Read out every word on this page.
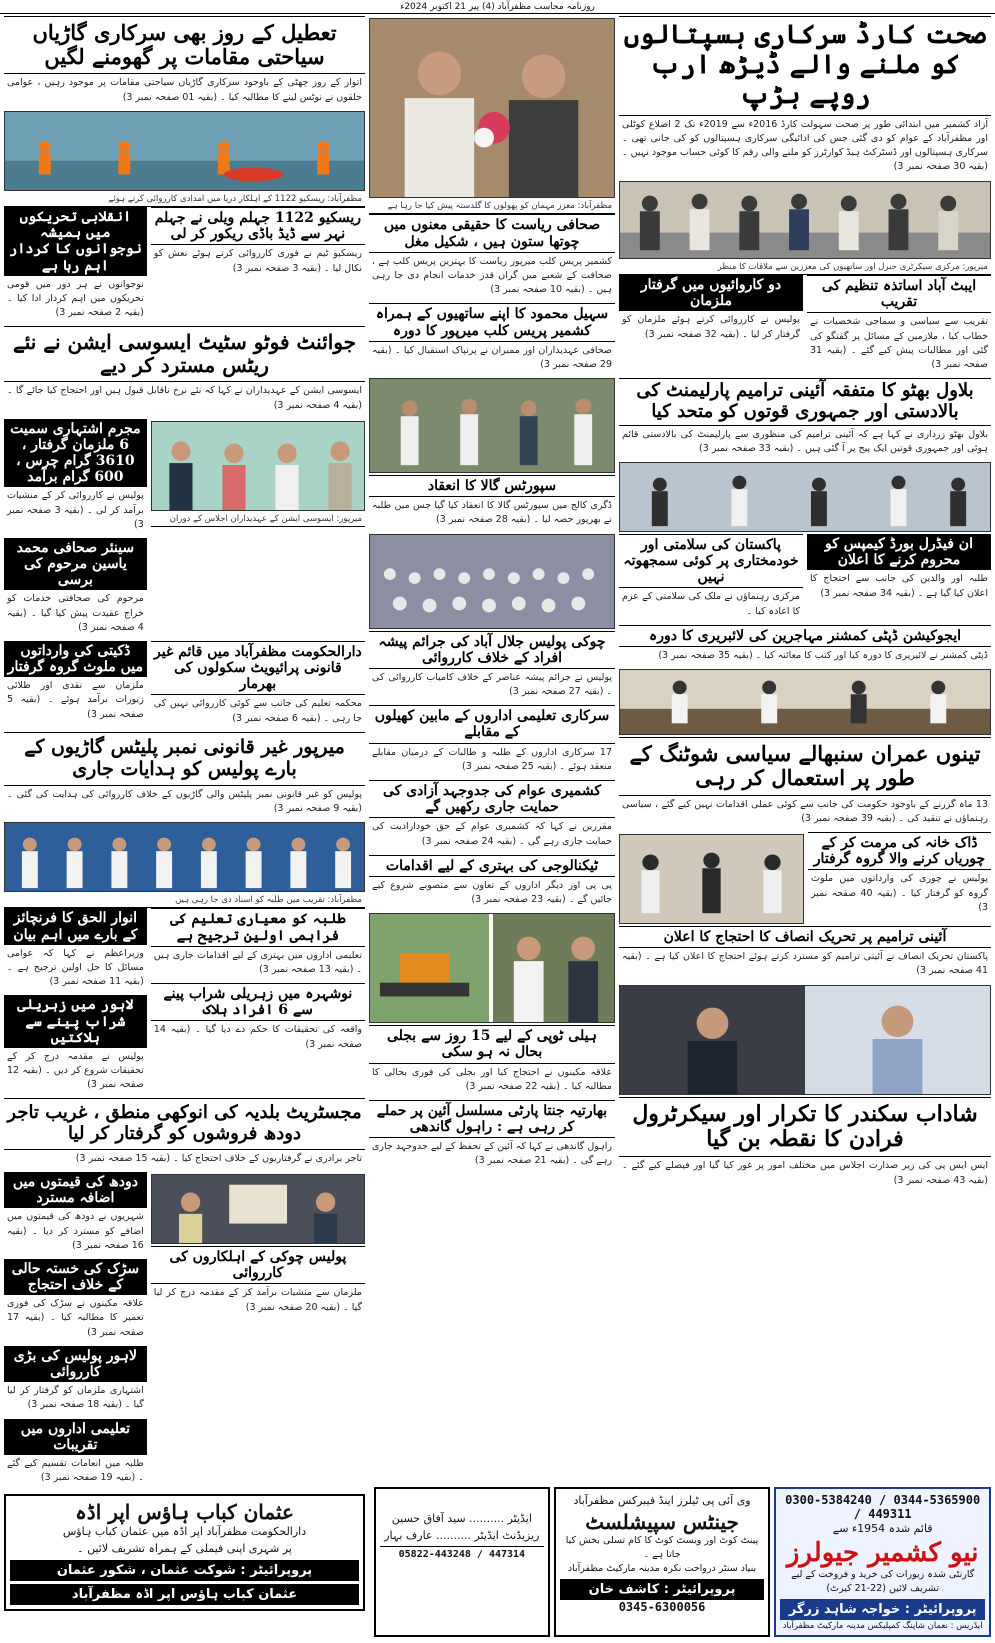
روزنامہ محاسب مظفرآباد (4) پیر 21 اکتوبر 2024ء
صحت کارڈ سرکاری ہسپتالوں کو ملنے والے ڈیڑھ ارب روپے ہڑپ
آزاد کشمیر میں ابتدائی طور پر صحت سہولت کارڈ 2016ء سے 2019ء تک 2 اضلاع کوٹلی اور مظفرآباد کے عوام کو دی گئی جس کی ادائیگی سرکاری ہسپتالوں کو کی جانی تھی ۔ سرکاری ہسپتالوں اور ڈسٹرکٹ ہیڈ کوارٹرز کو ملنے والی رقم کا کوئی حساب موجود نہیں ۔ (بقیہ 30 صفحہ نمبر 3)
میرپور: مرکزی سیکرٹری جنرل اور ساتھیوں کی معززین سے ملاقات کا منظر
ایبٹ آباد اساتذہ تنظیم کی تقریب
تقریب سے سیاسی و سماجی شخصیات نے خطاب کیا ، ملازمین کے مسائل پر گفتگو کی گئی اور مطالبات پیش کیے گئے ۔ (بقیہ 31 صفحہ نمبر 3)
دو کاروائیوں میں گرفتار ملزمان
پولیس نے کارروائی کرتے ہوئے ملزمان کو گرفتار کر لیا ۔ (بقیہ 32 صفحہ نمبر 3)
بلاول بھٹو کا متفقہ آئینی ترامیم پارلیمنٹ کی بالادستی اور جمہوری قوتوں کو متحد کیا
بلاول بھٹو زرداری نے کہا ہے کہ آئینی ترامیم کی منظوری سے پارلیمنٹ کی بالادستی قائم ہوئی اور جمہوری قوتیں ایک پیج پر آ گئی ہیں ۔ (بقیہ 33 صفحہ نمبر 3)
ان فیڈرل بورڈ کیمپس کو محروم کرنے کا اعلان
طلبہ اور والدین کی جانب سے احتجاج کا اعلان کیا گیا ہے ۔ (بقیہ 34 صفحہ نمبر 3)
پاکستان کی سلامتی اور خودمختاری پر کوئی سمجھوتہ نہیں
مرکزی رہنماؤں نے ملک کی سلامتی کے عزم کا اعادہ کیا ۔
ایجوکیشن ڈپٹی کمشنر مہاجرین کی لائبریری کا دورہ
ڈپٹی کمشنر نے لائبریری کا دورہ کیا اور کتب کا معائنہ کیا ۔ (بقیہ 35 صفحہ نمبر 3)
تینوں عمران سنبھالے سیاسی شوٹنگ کے طور پر استعمال کر رہی
13 ماہ گزرنے کے باوجود حکومت کی جانب سے کوئی عملی اقدامات نہیں کیے گئے ، سیاسی رہنماؤں نے تنقید کی ۔ (بقیہ 39 صفحہ نمبر 3)
ڈاک خانہ کی مرمت کر کے چوریاں کرنے والا گروہ گرفتار
پولیس نے چوری کی وارداتوں میں ملوث گروہ کو گرفتار کیا ۔ (بقیہ 40 صفحہ نمبر 3)
آئینی ترامیم پر تحریک انصاف کا احتجاج کا اعلان
پاکستان تحریک انصاف نے آئینی ترامیم کو مسترد کرتے ہوئے احتجاج کا اعلان کیا ہے ۔ (بقیہ 41 صفحہ نمبر 3)
شاداب سکندر کا تکرار اور سیکرٹرول فرادن کا نقطہ بن گیا
ایس ایس پی کی زیر صدارت اجلاس میں مختلف امور پر غور کیا گیا اور فیصلے کیے گئے ۔ (بقیہ 43 صفحہ نمبر 3)
مظفرآباد: معزز مہمان کو پھولوں کا گلدستہ پیش کیا جا رہا ہے
صحافی ریاست کا حقیقی معنوں میں چوتھا ستون ہیں ، شکیل مغل
کشمیر پریس کلب میرپور ریاست کا بہترین پریس کلب ہے ، صحافت کے شعبے میں گراں قدر خدمات انجام دی جا رہی ہیں ۔ (بقیہ 10 صفحہ نمبر 3)
سہیل محمود کا اپنے ساتھیوں کے ہمراہ کشمیر پریس کلب میرپور کا دورہ
صحافی عہدیداران اور ممبران نے پرتپاک استقبال کیا ۔ (بقیہ 29 صفحہ نمبر 3)
سپورٹس گالا کا انعقاد
ڈگری کالج میں سپورٹس گالا کا انعقاد کیا گیا جس میں طلبہ نے بھرپور حصہ لیا ۔ (بقیہ 28 صفحہ نمبر 3)
چوکی پولیس جلال آباد کی جرائم پیشہ افراد کے خلاف کارروائی
پولیس نے جرائم پیشہ عناصر کے خلاف کامیاب کارروائی کی ۔ (بقیہ 27 صفحہ نمبر 3)
سرکاری تعلیمی اداروں کے مابین کھیلوں کے مقابلے
17 سرکاری اداروں کے طلبہ و طالبات کے درمیان مقابلے منعقد ہوئے ۔ (بقیہ 25 صفحہ نمبر 3)
کشمیری عوام کی جدوجہد آزادی کی حمایت جاری رکھیں گے
مقررین نے کہا کہ کشمیری عوام کے حق خودارادیت کی حمایت جاری رہے گی ۔ (بقیہ 24 صفحہ نمبر 3)
ٹیکنالوجی کی بہتری کے لیے اقدامات
پی پی اور دیگر اداروں کے تعاون سے منصوبے شروع کیے جائیں گے ۔ (بقیہ 23 صفحہ نمبر 3)
ہیلی ٹوپی کے لیے 15 روز سے بجلی بحال نہ ہو سکی
علاقہ مکینوں نے احتجاج کیا اور بجلی کی فوری بحالی کا مطالبہ کیا ۔ (بقیہ 22 صفحہ نمبر 3)
بھارتیہ جنتا پارٹی مسلسل آئین پر حملے کر رہی ہے : راہول گاندھی
راہول گاندھی نے کہا کہ آئین کے تحفظ کے لیے جدوجہد جاری رہے گی ۔ (بقیہ 21 صفحہ نمبر 3)
تعطیل کے روز بھی سرکاری گاڑیاں سیاحتی مقامات پر گھومنے لگیں
اتوار کے روز چھٹی کے باوجود سرکاری گاڑیاں سیاحتی مقامات پر موجود رہیں ، عوامی حلقوں نے نوٹس لینے کا مطالبہ کیا ۔ (بقیہ 01 صفحہ نمبر 3)
مظفرآباد: ریسکیو 1122 کے اہلکار دریا میں امدادی کارروائی کرتے ہوئے
ریسکیو 1122 جہلم ویلی نے جہلم نہر سے ڈیڈ باڈی ریکور کر لی
ریسکیو ٹیم نے فوری کارروائی کرتے ہوئے نعش کو نکال لیا ۔ (بقیہ 3 صفحہ نمبر 3)
انقلابی تحریکوں میں ہمیشہ نوجوانوں کا کردار اہم رہا ہے
نوجوانوں نے ہر دور میں قومی تحریکوں میں اہم کردار ادا کیا ۔ (بقیہ 2 صفحہ نمبر 3)
جوائنٹ فوٹو سٹیٹ ایسوسی ایشن نے نئے ریٹس مسترد کر دیے
ایسوسی ایشن کے عہدیداران نے کہا کہ نئے نرخ ناقابل قبول ہیں اور احتجاج کیا جائے گا ۔ (بقیہ 4 صفحہ نمبر 3)
میرپور: ایسوسی ایشن کے عہدیداران اجلاس کے دوران
مجرم اشتہاری سمیت 6 ملزمان گرفتار ، 3610 گرام چرس ، 600 گرام برآمد
پولیس نے کارروائی کر کے منشیات برآمد کر لی ۔ (بقیہ 3 صفحہ نمبر 3)
سینئر صحافی محمد یاسین مرحوم کی برسی
مرحوم کی صحافتی خدمات کو خراج عقیدت پیش کیا گیا ۔ (بقیہ 4 صفحہ نمبر 3)
دارالحکومت مظفرآباد میں قائم غیر قانونی پرائیویٹ سکولوں کی بھرمار
محکمہ تعلیم کی جانب سے کوئی کارروائی نہیں کی جا رہی ۔ (بقیہ 6 صفحہ نمبر 3)
ڈکیتی کی وارداتوں میں ملوث گروہ گرفتار
ملزمان سے نقدی اور طلائی زیورات برآمد ہوئے ۔ (بقیہ 5 صفحہ نمبر 3)
میرپور غیر قانونی نمبر پلیٹس گاڑیوں کے بارے پولیس کو ہدایات جاری
پولیس کو غیر قانونی نمبر پلیٹس والی گاڑیوں کے خلاف کارروائی کی ہدایت کی گئی ۔ (بقیہ 9 صفحہ نمبر 3)
مظفرآباد: تقریب میں طلبہ کو اسناد دی جا رہی ہیں
طلبہ کو معیاری تعلیم کی فراہمی اولین ترجیح ہے
تعلیمی اداروں میں بہتری کے لیے اقدامات جاری ہیں ۔ (بقیہ 13 صفحہ نمبر 3)
نوشہرہ میں زہریلی شراب پینے سے 6 افراد ہلاک
واقعہ کی تحقیقات کا حکم دے دیا گیا ۔ (بقیہ 14 صفحہ نمبر 3)
انوار الحق کا فرنچائز کے بارے میں اہم بیان
وزیراعظم نے کہا کہ عوامی مسائل کا حل اولین ترجیح ہے ۔ (بقیہ 11 صفحہ نمبر 3)
لاہور میں زہریلی شراب پینے سے ہلاکتیں
پولیس نے مقدمہ درج کر کے تحقیقات شروع کر دیں ۔ (بقیہ 12 صفحہ نمبر 3)
مجسٹریٹ بلدیہ کی انوکھی منطق ، غریب تاجر دودھ فروشوں کو گرفتار کر لیا
تاجر برادری نے گرفتاریوں کے خلاف احتجاج کیا ۔ (بقیہ 15 صفحہ نمبر 3)
پولیس چوکی کے اہلکاروں کی کارروائی
ملزمان سے منشیات برآمد کر کے مقدمہ درج کر لیا گیا ۔ (بقیہ 20 صفحہ نمبر 3)
دودھ کی قیمتوں میں اضافہ مسترد
شہریوں نے دودھ کی قیمتوں میں اضافے کو مسترد کر دیا ۔ (بقیہ 16 صفحہ نمبر 3)
سڑک کی خستہ حالی کے خلاف احتجاج
علاقہ مکینوں نے سڑک کی فوری تعمیر کا مطالبہ کیا ۔ (بقیہ 17 صفحہ نمبر 3)
لاہور پولیس کی بڑی کارروائی
اشتہاری ملزمان کو گرفتار کر لیا گیا ۔ (بقیہ 18 صفحہ نمبر 3)
تعلیمی اداروں میں تقریبات
طلبہ میں انعامات تقسیم کیے گئے ۔ (بقیہ 19 صفحہ نمبر 3)
عثمان کباب ہاؤس اپر اڈہ
دارالحکومت مظفرآباد اپر اڈہ میں عثمان کباب ہاؤس
پر شہری اپنی فیملی کے ہمراہ تشریف لائیں ۔
پروپرائیٹر : شوکت عثمان ، شکور عثمان
عثمان کباب ہاؤس اپر اڈہ مظفرآباد
0300-5384240 / 0344-5365900 / 449311
قائم شدہ 1954ء سے
نیو کشمیر جیولرز
گارنٹی شدہ زیورات کی خرید و فروخت کے لیے تشریف لائیں (22-21 کیرٹ)
پروپرائیٹر : خواجہ شاہد زرگر
ایڈریس : نعمان شاپنگ کمپلیکس مدینہ مارکیٹ مظفرآباد
وی آئی پی ٹیلرز اینڈ فیبرکس مظفرآباد
جینٹس سپیشلسٹ
پینٹ کوٹ اور ویسٹ کوٹ کا کام تسلی بخش کیا جاتا ہے ۔
بنیاد سنٹر درواحت نکرہ مدینہ مارکیٹ مظفرآباد
پروپرائیٹر : کاشف خان
0345-6300056
ایڈیٹر .......... سید آفاق حسین
ریزیڈنٹ ایڈیٹر .......... عارف بہار
05822-443248 / 447314
